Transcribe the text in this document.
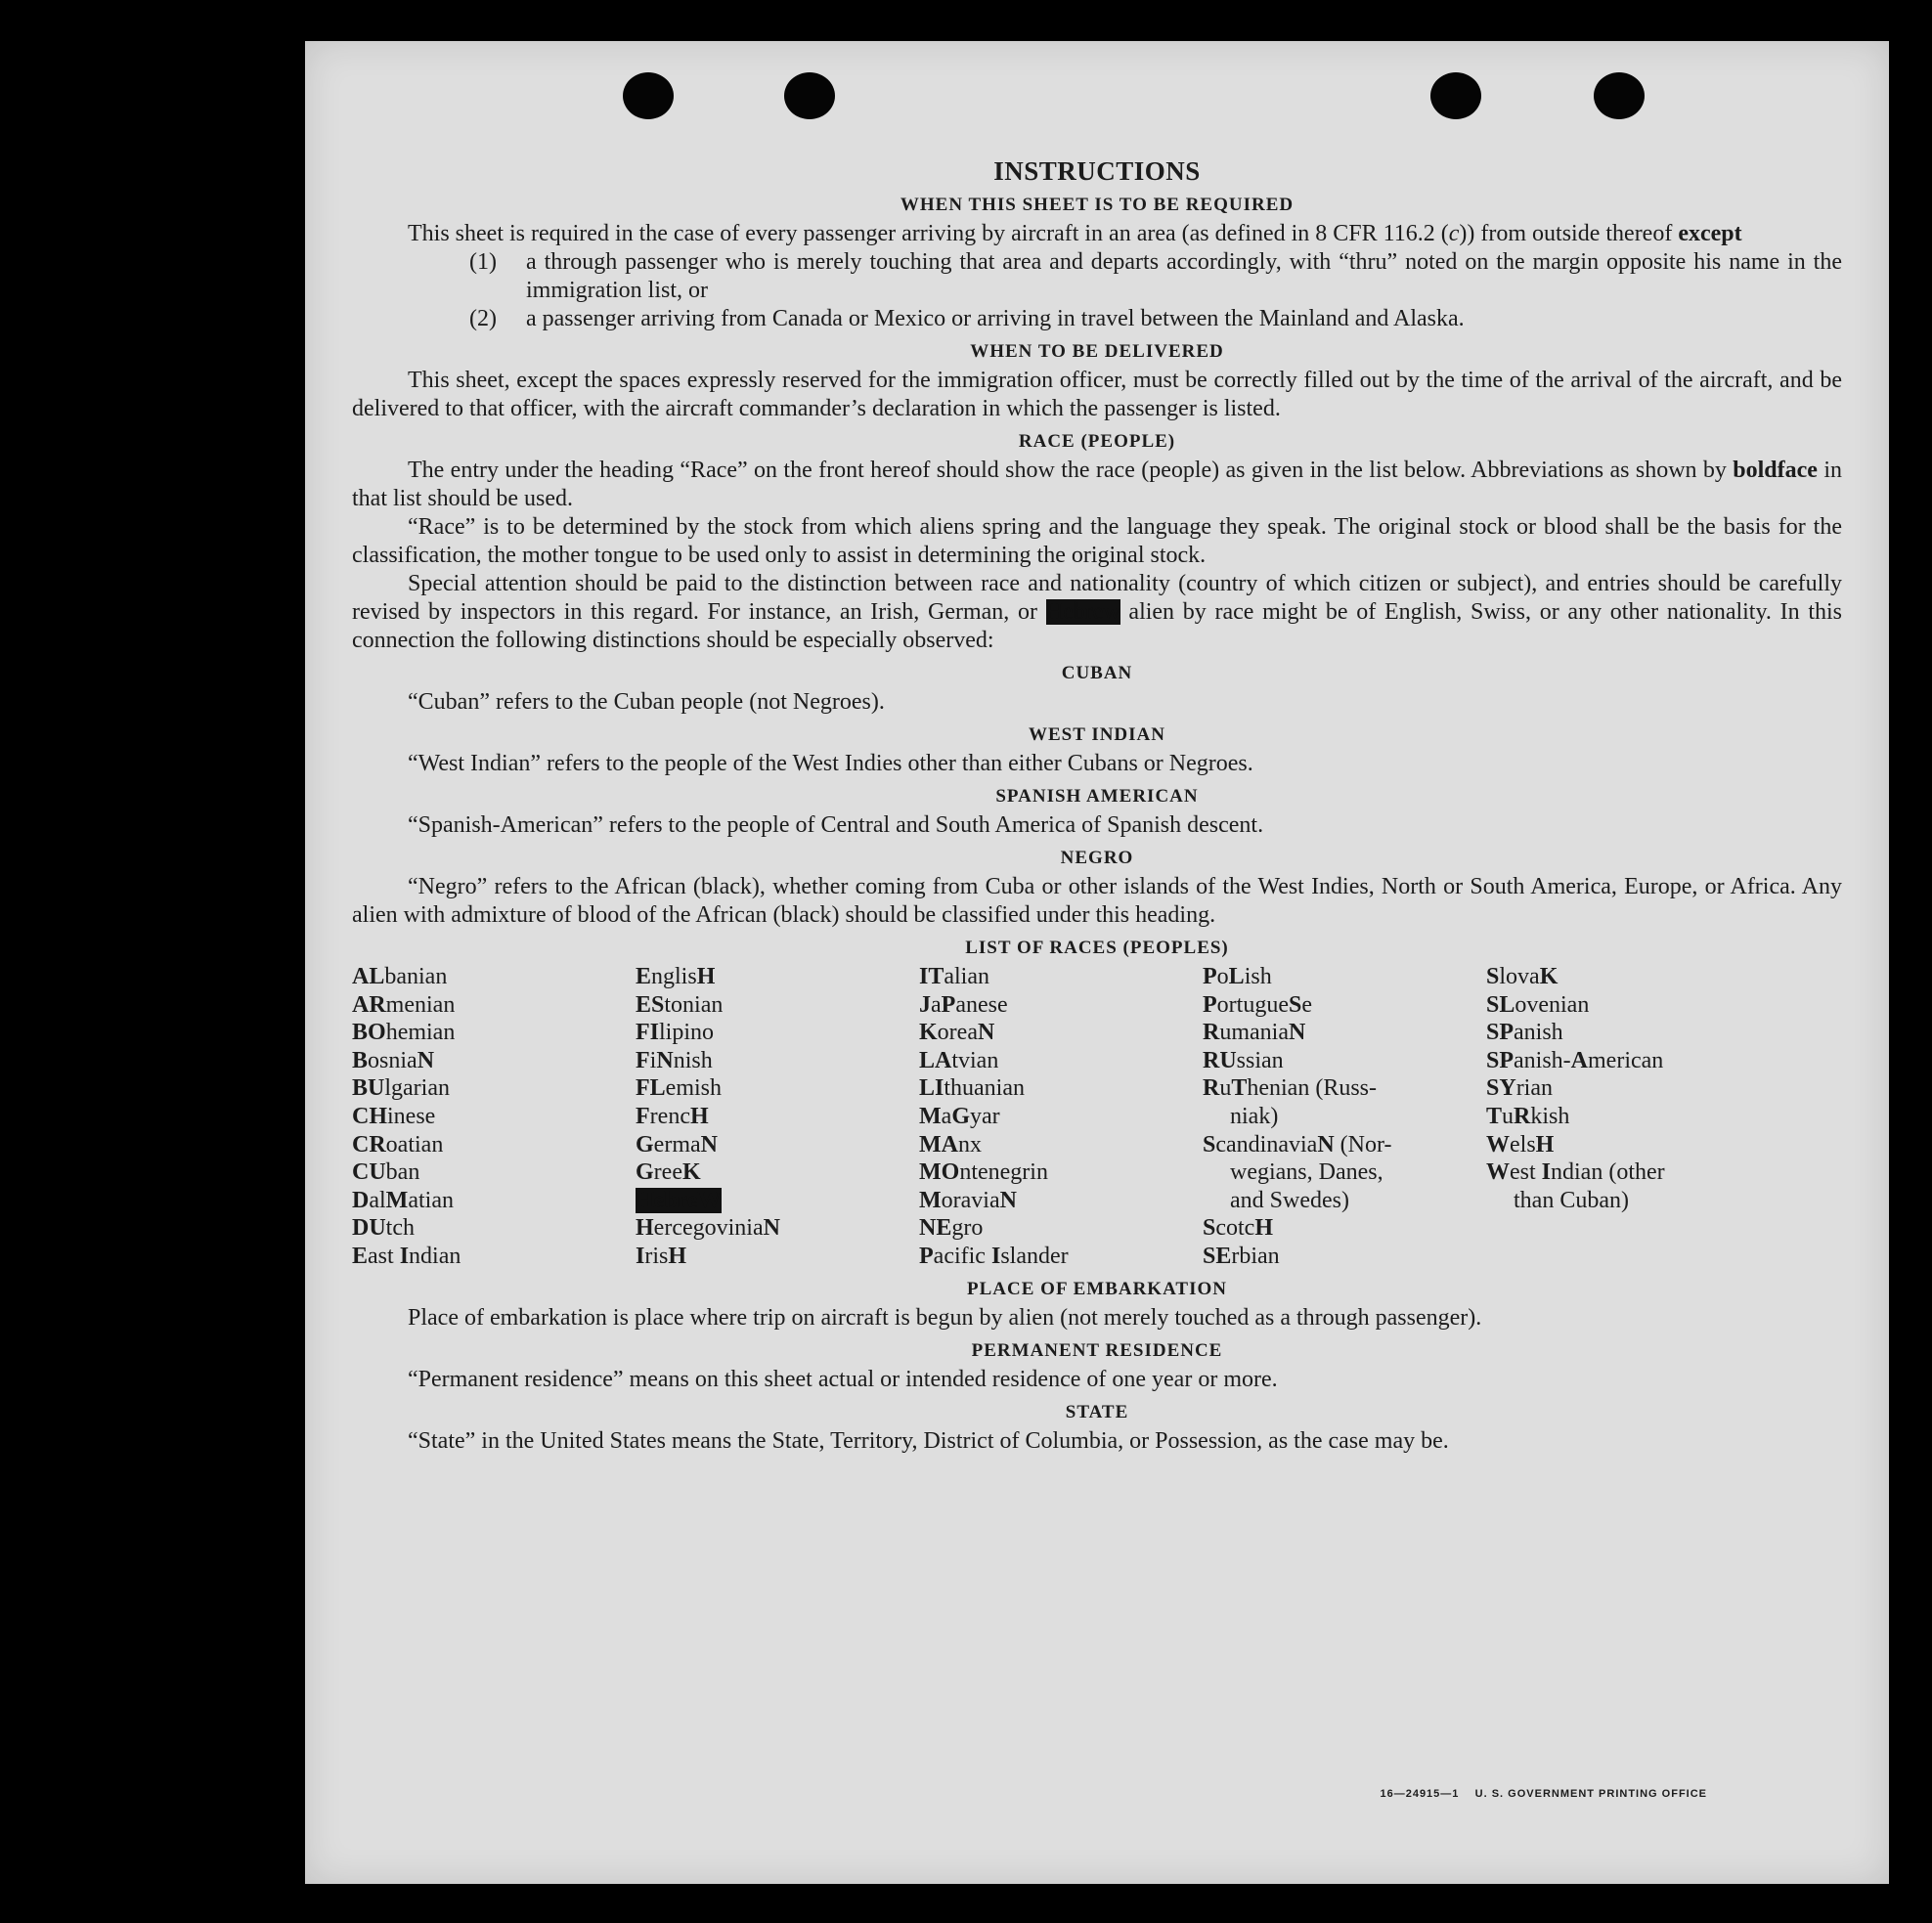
INSTRUCTIONS
WHEN THIS SHEET IS TO BE REQUIRED

This sheet is required in the case of every passenger arriving by aircraft in an area (as defined in 8 CFR 116.2 (c)) from outside thereof except

(1)	a through passenger who is merely touching that area and departs accordingly, with “thru” noted on the margin opposite his name in the immigration list, or
(2)	a passenger arriving from Canada or Mexico or arriving in travel between the Mainland and Alaska.
WHEN TO BE DELIVERED

This sheet, except the spaces expressly reserved for the immigration officer, must be correctly filled out by the time of the arrival of the aircraft, and be delivered to that officer, with the aircraft commander’s declaration in which the passenger is listed.

RACE (PEOPLE)

The entry under the heading “Race” on the front hereof should show the race (people) as given in the list below. Abbreviations as shown by boldface in that list should be used.

“Race” is to be determined by the stock from which aliens spring and the language they speak. The original stock or blood shall be the basis for the classification, the mother tongue to be used only to assist in determining the original stock.

Special attention should be paid to the distinction between race and nationality (country of which citizen or subject), and entries should be carefully revised by inspectors in this regard. For instance, an Irish, German, or Hebrew alien by race might be of English, Swiss, or any other nationality. In this connection the following distinctions should be especially observed:

CUBAN

“Cuban” refers to the Cuban people (not Negroes).

WEST INDIAN

“West Indian” refers to the people of the West Indies other than either Cubans or Negroes.

SPANISH AMERICAN

“Spanish-American” refers to the people of Central and South America of Spanish descent.

NEGRO

“Negro” refers to the African (black), whether coming from Cuba or other islands of the West Indies, North or South America, Europe, or Africa. Any alien with admixture of blood of the African (black) should be classified under this heading.

LIST OF RACES (PEOPLES)
ALbanian
ARmenian
BOhemian
BosniaN
BUlgarian
CHinese
CRoatian
CUban
DalMatian
DUtch
East Indian
EnglisH
EStonian
FIlipino
FiNnish
FLemish
FrencH
GermaN
GreeK
HebreW
HercegoviniaN
IrisH
ITalian
JaPanese
KoreaN
LAtvian
LIthuanian
MaGyar
MAnx
MOntenegrin
MoraviaN
NEgro
Pacific Islander
PoLish
PortugueSe
RumaniaN
RUssian
RuThenian (Russ-
niak)
ScandinaviaN (Nor-
wegians, Danes,
and Swedes)
ScotcH
SErbian
SlovaK
SLovenian
SPanish
SPanish-American
SYrian
TuRkish
WelsH
West Indian (other
than Cuban)
PLACE OF EMBARKATION

Place of embarkation is place where trip on aircraft is begun by alien (not merely touched as a through passenger).

PERMANENT RESIDENCE

“Permanent residence” means on this sheet actual or intended residence of one year or more.

STATE

“State” in the United States means the State, Territory, District of Columbia, or Possession, as the case may be.

16—24915—1 U. S. GOVERNMENT PRINTING OFFICE
